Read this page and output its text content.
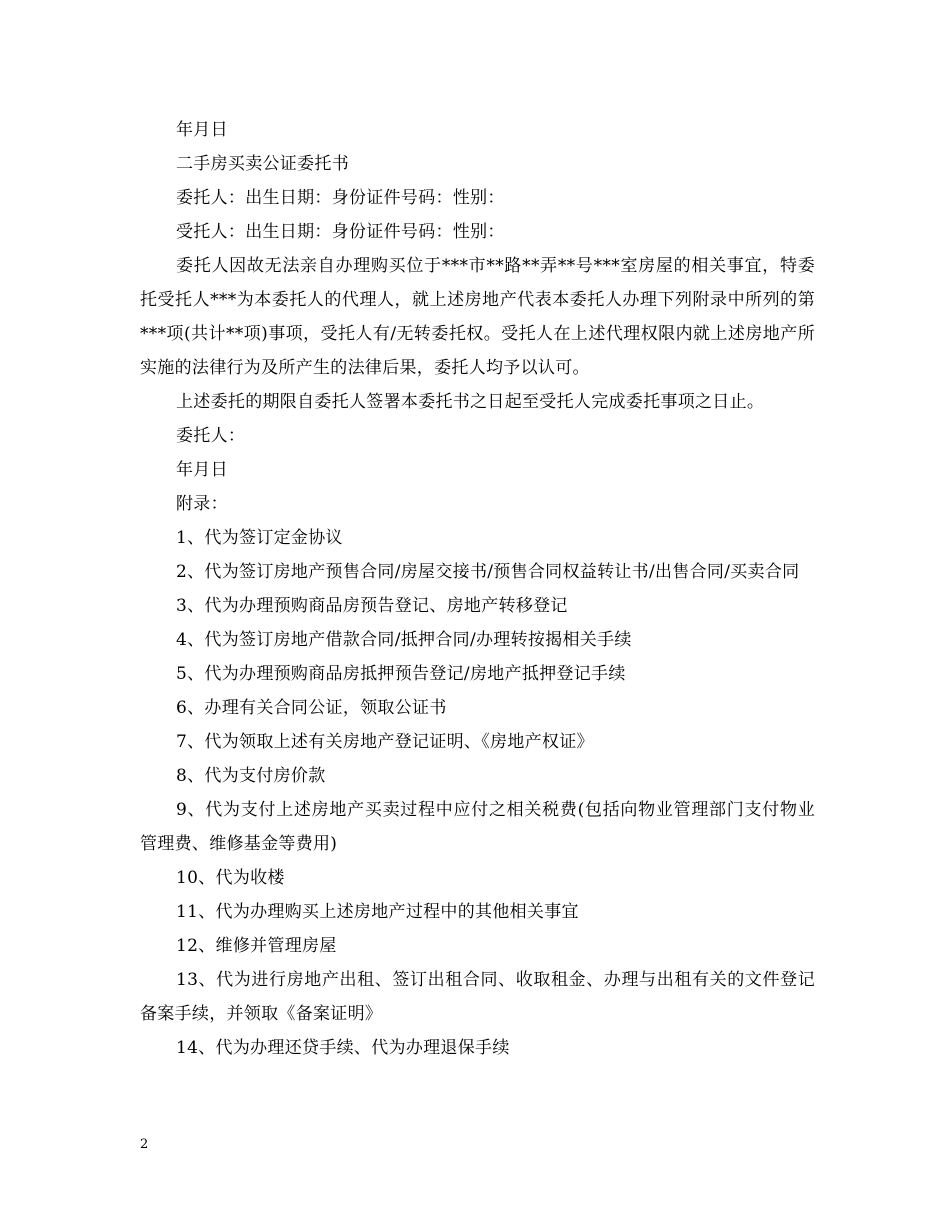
年月日

二手房买卖公证委托书

委托人：出生日期：身份证件号码：性别：

受托人：出生日期：身份证件号码：性别：

委托人因故无法亲自办理购买位于***市**路**弄**号***室房屋的相关事宜，特委托受托人***为本委托人的代理人，就上述房地产代表本委托人办理下列附录中所列的第***项(共计**项)事项，受托人有/无转委托权。受托人在上述代理权限内就上述房地产所实施的法律行为及所产生的法律后果，委托人均予以认可。

上述委托的期限自委托人签署本委托书之日起至受托人完成委托事项之日止。

委托人：

年月日

附录：

1、代为签订定金协议

2、代为签订房地产预售合同/房屋交接书/预售合同权益转让书/出售合同/买卖合同

3、代为办理预购商品房预告登记、房地产转移登记

4、代为签订房地产借款合同/抵押合同/办理转按揭相关手续

5、代为办理预购商品房抵押预告登记/房地产抵押登记手续

6、办理有关合同公证，领取公证书

7、代为领取上述有关房地产登记证明、《房地产权证》

8、代为支付房价款

9、代为支付上述房地产买卖过程中应付之相关税费(包括向物业管理部门支付物业管理费、维修基金等费用)

10、代为收楼

11、代为办理购买上述房地产过程中的其他相关事宜

12、维修并管理房屋

13、代为进行房地产出租、签订出租合同、收取租金、办理与出租有关的文件登记备案手续，并领取《备案证明》

14、代为办理还贷手续、代为办理退保手续

2
